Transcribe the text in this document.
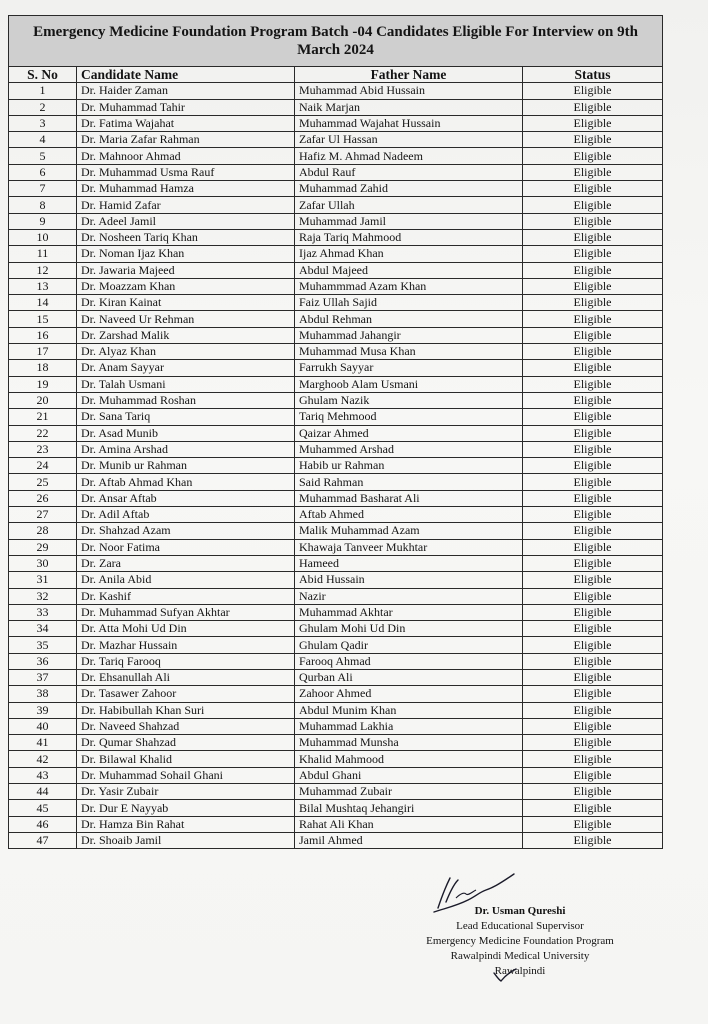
Emergency Medicine Foundation Program Batch -04 Candidates Eligible For Interview on 9th March 2024			
S. No	Candidate Name	Father Name	Status
1	Dr. Haider Zaman	Muhammad Abid Hussain	Eligible
2	Dr. Muhammad Tahir	Naik Marjan	Eligible
3	Dr. Fatima Wajahat	Muhammad Wajahat Hussain	Eligible
4	Dr. Maria Zafar Rahman	Zafar Ul Hassan	Eligible
5	Dr. Mahnoor Ahmad	Hafiz M. Ahmad Nadeem	Eligible
6	Dr. Muhammad Usma Rauf	Abdul Rauf	Eligible
7	Dr. Muhammad Hamza	Muhammad Zahid	Eligible
8	Dr. Hamid Zafar	Zafar Ullah	Eligible
9	Dr. Adeel Jamil	Muhammad Jamil	Eligible
10	Dr. Nosheen Tariq Khan	Raja Tariq Mahmood	Eligible
11	Dr. Noman Ijaz Khan	Ijaz Ahmad Khan	Eligible
12	Dr. Jawaria Majeed	Abdul Majeed	Eligible
13	Dr. Moazzam Khan	Muhammmad Azam Khan	Eligible
14	Dr. Kiran Kainat	Faiz Ullah Sajid	Eligible
15	Dr. Naveed Ur Rehman	Abdul Rehman	Eligible
16	Dr. Zarshad Malik	Muhammad Jahangir	Eligible
17	Dr. Alyaz Khan	Muhammad Musa Khan	Eligible
18	Dr. Anam Sayyar	Farrukh Sayyar	Eligible
19	Dr. Talah Usmani	Marghoob Alam Usmani	Eligible
20	Dr. Muhammad Roshan	Ghulam Nazik	Eligible
21	Dr. Sana Tariq	Tariq Mehmood	Eligible
22	Dr. Asad Munib	Qaizar Ahmed	Eligible
23	Dr. Amina Arshad	Muhammed Arshad	Eligible
24	Dr. Munib ur Rahman	Habib ur Rahman	Eligible
25	Dr. Aftab Ahmad Khan	Said Rahman	Eligible
26	Dr. Ansar Aftab	Muhammad Basharat Ali	Eligible
27	Dr. Adil Aftab	Aftab Ahmed	Eligible
28	Dr. Shahzad Azam	Malik Muhammad Azam	Eligible
29	Dr. Noor Fatima	Khawaja Tanveer Mukhtar	Eligible
30	Dr. Zara	Hameed	Eligible
31	Dr. Anila Abid	Abid Hussain	Eligible
32	Dr. Kashif	Nazir	Eligible
33	Dr. Muhammad Sufyan Akhtar	Muhammad Akhtar	Eligible
34	Dr. Atta Mohi Ud Din	Ghulam Mohi Ud Din	Eligible
35	Dr. Mazhar Hussain	Ghulam Qadir	Eligible
36	Dr. Tariq Farooq	Farooq Ahmad	Eligible
37	Dr. Ehsanullah Ali	Qurban Ali	Eligible
38	Dr. Tasawer Zahoor	Zahoor Ahmed	Eligible
39	Dr. Habibullah Khan Suri	Abdul Munim Khan	Eligible
40	Dr. Naveed Shahzad	Muhammad Lakhia	Eligible
41	Dr. Qumar Shahzad	Muhammad Munsha	Eligible
42	Dr. Bilawal Khalid	Khalid Mahmood	Eligible
43	Dr. Muhammad Sohail Ghani	Abdul Ghani	Eligible
44	Dr. Yasir Zubair	Muhammad Zubair	Eligible
45	Dr. Dur E Nayyab	Bilal Mushtaq Jehangiri	Eligible
46	Dr. Hamza Bin Rahat	Rahat Ali Khan	Eligible
47	Dr. Shoaib Jamil	Jamil Ahmed	Eligible
Dr. Usman Qureshi
Lead Educational Supervisor
Emergency Medicine Foundation Program
Rawalpindi Medical University
Rawalpindi
